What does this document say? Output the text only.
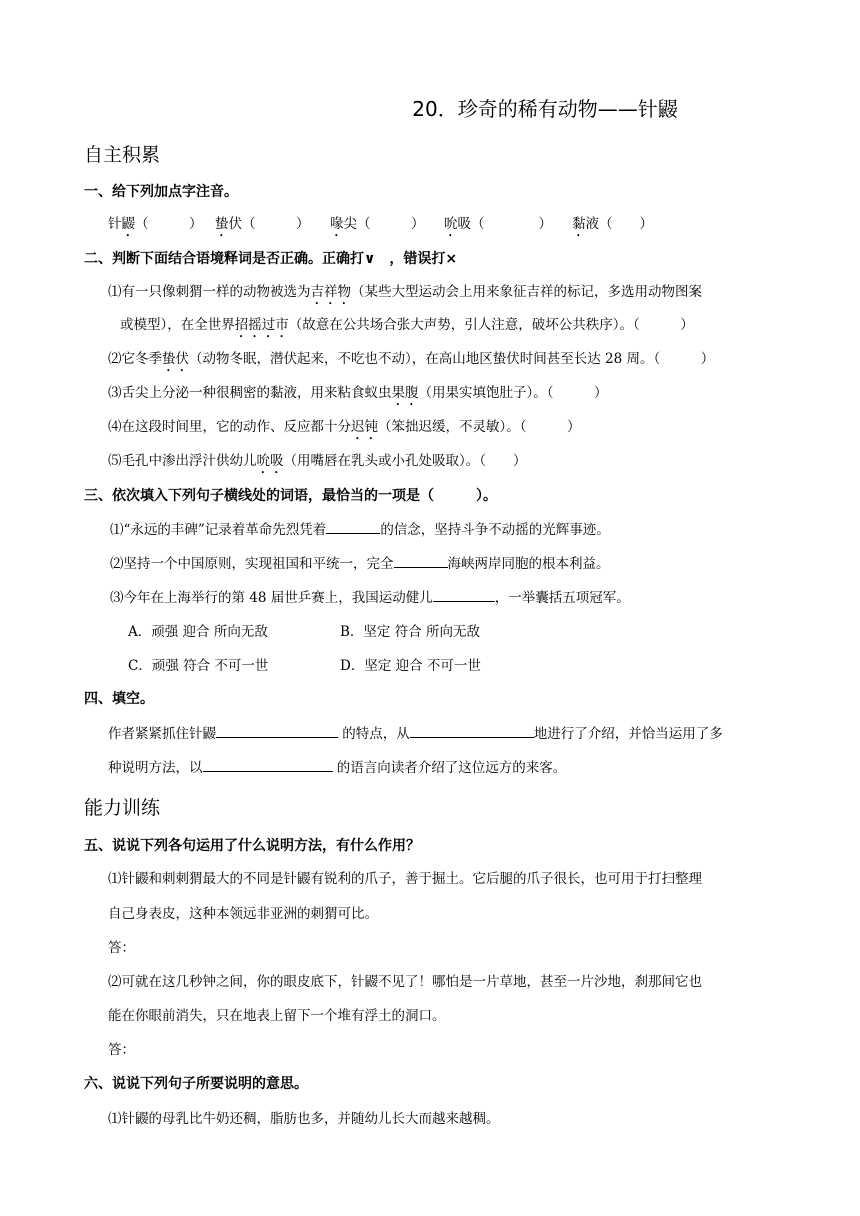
20．珍奇的稀有动物——针鼹
自主积累
一、给下列加点字注音。
针鼹（　　　） 蛰伏（　　　） 喙尖（　　　） 吮吸（　　　　） 黏液（　　）
二、判断下面结合语境释词是否正确。正确打∨　，错误打×
⑴有一只像刺猬一样的动物被选为吉祥物（某些大型运动会上用来象征吉祥的标记，多选用动物图案
或模型），在全世界招摇过市（故意在公共场合张大声势，引人注意，破坏公共秩序）。（　　　）
⑵它冬季蛰伏（动物冬眠，潜伏起来，不吃也不动），在高山地区蛰伏时间甚至长达 28 周。（　　　）
⑶舌尖上分泌一种很稠密的黏液，用来粘食蚁虫果腹（用果实填饱肚子）。（　　　）
⑷在这段时间里，它的动作、反应都十分迟钝（笨拙迟缓，不灵敏）。（　　　）
⑸毛孔中渗出浮汁供幼儿吮吸（用嘴唇在乳头或小孔处吸取）。（　　）
三、依次填入下列句子横线处的词语，最恰当的一项是（　　　）。
⑴“永远的丰碑”记录着革命先烈凭着	的信念，坚持斗争不动摇的光辉事迹。
⑵坚持一个中国原则，实现祖国和平统一，完全	海峡两岸同胞的根本利益。
⑶今年在上海举行的第 48 届世乒赛上，我国运动健儿	，一举囊括五项冠军。
A．顽强 迎合 所向无敌	B．坚定 符合 所向无敌
C．顽强 符合 不可一世	D．坚定 迎合 不可一世
四、填空。
作者紧紧抓住针鼹	的特点，从	地进行了介绍，并恰当运用了多
种说明方法，以	的语言向读者介绍了这位远方的来客。
能力训练
五、说说下列各句运用了什么说明方法，有什么作用？
⑴针鼹和刺刺猬最大的不同是针鼹有锐利的爪子，善于掘土。它后腿的爪子很长，也可用于打扫整理
自己身表皮，这种本领远非亚洲的刺猬可比。
答：
⑵可就在这几秒钟之间，你的眼皮底下，针鼹不见了！哪怕是一片草地，甚至一片沙地，刹那间它也
能在你眼前消失，只在地表上留下一个堆有浮土的洞口。
答：
六、说说下列句子所要说明的意思。
⑴针鼹的母乳比牛奶还稠，脂肪也多，并随幼儿长大而越来越稠。
